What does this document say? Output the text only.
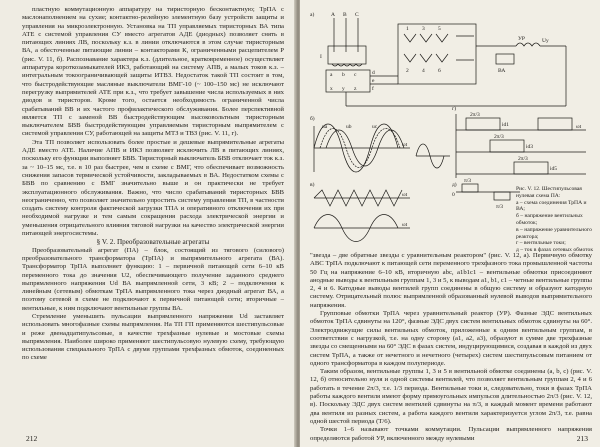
пластную коммутационную аппаратуру на тиристорную бесконтактную; ТрПА с маслонаполнением на сухие; контактно-релейную элементную базу устройств защиты и управления на микроэлектронную. Установка на ТП управляемых тиристорных ВА типа АТЕ с системой управления СУ вместо агрегатов АДЕ (диодных) позволяет снять в питающих линиях ЛВ, поскольку к.з. в линии отключаются в этом случае тиристорным ВА, а обесточенные питающие линии – контакторами К, ограниченными расцепителем Р (рис. V. 11, б). Распознавание характера к.з. (длительное, кратковременное) осуществляет аппаратура короткозамыкателей ИКЗ, работающий на систему АПВ, а малых токов к.з. – интегральным токоограничивающей защиты ИТВЗ. Недостаток такой ТП состоит в том, что быстродействующие масляные выключатели ВМГ-10 (~ 100–150 мс) не исключают перегрузку выпрямителей АТЕ при к.з., что требует завышение числа используемых в них диодов и тиристоров. Кроме того, остается необходимость ограниченной числа срабатываний ВВ и их частого профилактического обслуживания. Более перспективной является ТП с заменой ВВ быстродействующим высоковольтным тиристорным выключателем БВВ быстродействующим управляемым тиристорным выпрямителем с системой управления СУ, работающей на защиты МТЗ и ТВЗ (рис. V. 11, г).

Эта ТП позволяет использовать более простые и дешевые выпрямительные агрегаты АДЕ вместо АТЕ. Наличие АПВ и ИКЗ позволяет исключить ЛВ в питающих линиях, поскольку его функции выполняет БВВ. Тиристорный выключатель БВВ отключает ток к.з. за ~ 10–15 мс, т.е. в 10 раз быстрее, чем в схеме с ВМГ, что обеспечивает возможность снижения запасов термической устойчивости, закладываемых в ВА. Недостатком схемы с БВВ по сравнению с ВМГ значительно выше и он практически не требует эксплуатационного обслуживания. Важно, что число срабатываний тиристорных БВВ неограниченно, что позволяет значительно упростить систему управления ТП, в частности создать систему контроля фактической загрузки ТПА и оперативного отключения их при необходимой нагрузке и тем самым сокращения расхода электрической энергии и уменьшения отрицательного влияния тяговой нагрузки на качество электрической энергии питающей энергосистемы.

§ V. 2. Преобразовательные агрегаты

Преобразовательный агрегат (ПА) – блок, состоящий из тягового (силового) преобразовательного трансформатора (ТрПА) и выпрямительного агрегата (ВА). Трансформатор ТрПА выполняет функцию: 1 – первичной питающей сети 6–10 кВ переменного тока до значения U2, обеспечивающего получение заданного среднего выпрямленного напряжения Ud ВА выпрямленной сети, 3 кВ; 2 – подключения к линейным (сетевым) обмоткам ТрПА выпрямленного тока через диодный агрегат ВА, а поэтому сетевой в схеме не подключают к первичной питающей сети; вторичные – вентильные, к ним подключают вентильные группы ВА.

Стремление уменьшить пульсации выпрямленного напряжения Ud заставляет использовать многофазные схемы выпрямления. На ТП ГП применяются шестипульсовые и реже двенадцатипульсовые, в качестве трехфазные нулевые и мостовые схемы выпрямления. Наиболее широко применяют шестипульсовую нулевую схему, требующую использования специального ТрПА с двумя группами трехфазных обмоток, соединенных по схеме

212
а)
б)
в)
г)
д)
A B C
I
1 3 5
2 4 6
a b c
x y z
d
e
f
Uy
УР
ВА
ωt
ωt
ωt
ωt
ua	ub	uc	id1
id3
id5
2π/3
2π/3
2π/3
π/3
π/3
0
Рис. V. 12. Шестипульсовая нулевая схема ПА:
а – схема соединения ТрПА и ВА;
б – напряжение вентильных обмоток;
в – напряжение уравнительного реактора;
г – вентильные токи;
д – ток в фазах сетевых обмоток

"звезда – две обратные звезды с уравнительным реактором" (рис. V. 12, а). Первичную обмотку ABC ТрПА подключают к питающей сети переменного трехфазного тока промышленной частоты 50 Гц на напряжение 6–10 кВ, вторичную abc, a1b1c1 – вентильные обмотки присоединяют анодные выводы к вентильным группам 1, 3 и 5, к выводам a1, b1, c1 – четные вентильные группы 2, 4 и 6. Катодные выводы вентилей групп соединены в общую систему и образуют катодную систему. Отрицательный полюс выпрямленной образованный нулевой выводов выпрямительного напряжения.

Групповые обмотки ТрПА через уравнительный реактор (УР). Фазные ЭДС вентильных обмоток ТрПА сдвинуты на 120°, фазные ЭДС двух систем вентильных обмоток сдвинуты на 60°. Электродвижущие силы вентильных обмоток, приложенные к одним вентильным группам, в соответствии с нагрузкой, т.е. на одну сторону (а1, а2, а3), образуют в сумме две трехфазные звезды со смещенными на 60° ЭДС в фазах систем, индуцирующимися, создавая в каждой из двух систем ТрПА, а также от нечетного и нечетного (четырех) систем шестипульсовым питанием от одного трансформатора в каждом полупериоде.

Таким образом, вентильные группы 1, 3 и 5 в вентильной обмотке соединены (а, b, c) (рис. V. 12, б) относительно нуля и одной системы вентилей, что позволяет вентильным группам 2, 4 и 6 работать в течение 2π/3, т.е. 1/3 периода. Вентильные токи и, следовательно, токи в фазах ТрПА работы каждого вентиля имеют форму прямоугольных импульсов длительностью 2π/3 (рис. V. 12, в). Поскольку ЭДС двух систем вентилей сдвинуты на π/3, в каждый момент времени работают два вентиля из разных систем, а работа каждого вентиля характеризуется углом 2π/3, т.е. равна одной шестой периода (T/6).

Точки 1–6 называют точками коммутации. Пульсации выпрямленного напряжения определяются работой УР, включенного между нулевыми	213
